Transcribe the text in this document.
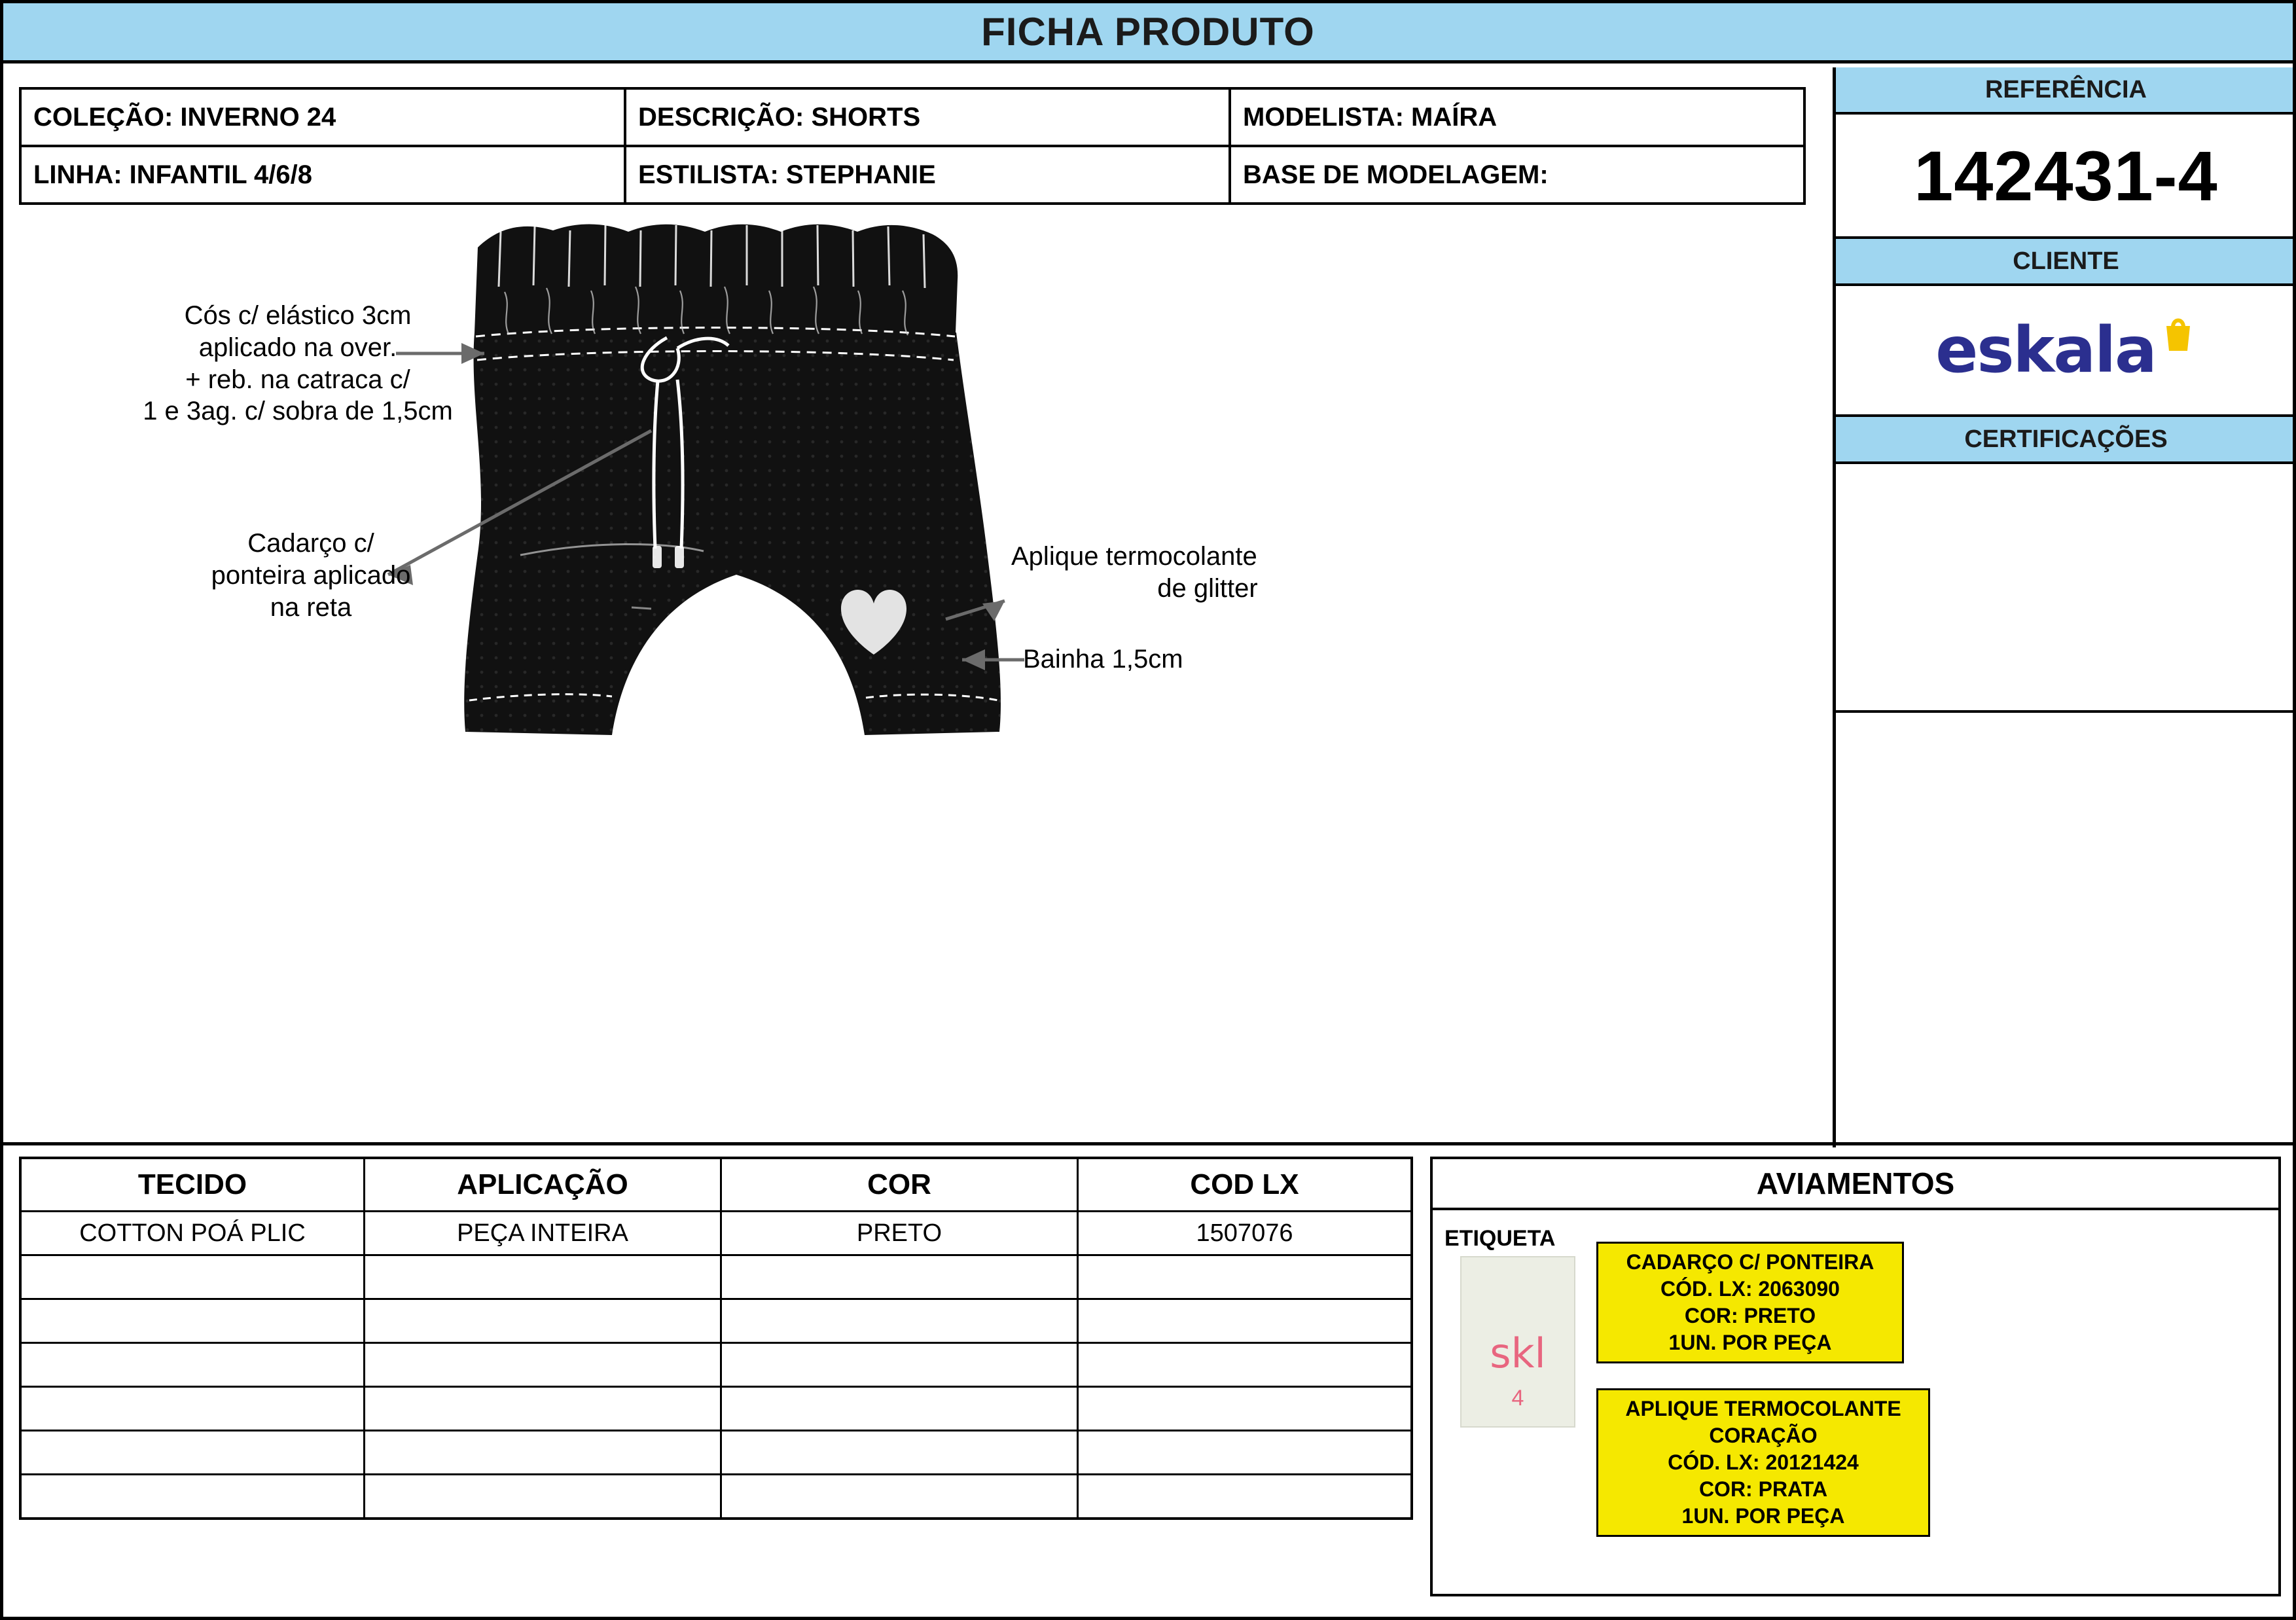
FICHA PRODUTO
COLEÇÃO: INVERNO 24	DESCRIÇÃO: SHORTS	MODELISTA: MAÍRA
LINHA: INFANTIL 4/6/8	ESTILISTA: STEPHANIE	BASE DE MODELAGEM:
REFERÊNCIA
142431-4
CLIENTE
eskala
CERTIFICAÇÕES
Cós c/ elástico 3cm
aplicado na over.
+ reb. na catraca c/
1 e 3ag. c/ sobra de 1,5cm
Cadarço c/
ponteira aplicado
na reta
Aplique termocolante
de glitter
Bainha 1,5cm
TECIDO	APLICAÇÃO	COR	COD LX
COTTON POÁ PLIC	PEÇA INTEIRA	PRETO	1507076

AVIAMENTOS
ETIQUETA
skl
4
CADARÇO C/ PONTEIRA
CÓD. LX: 2063090
COR: PRETO
1UN. POR PEÇA
APLIQUE TERMOCOLANTE
CORAÇÃO
CÓD. LX: 20121424
COR: PRATA
1UN. POR PEÇA
